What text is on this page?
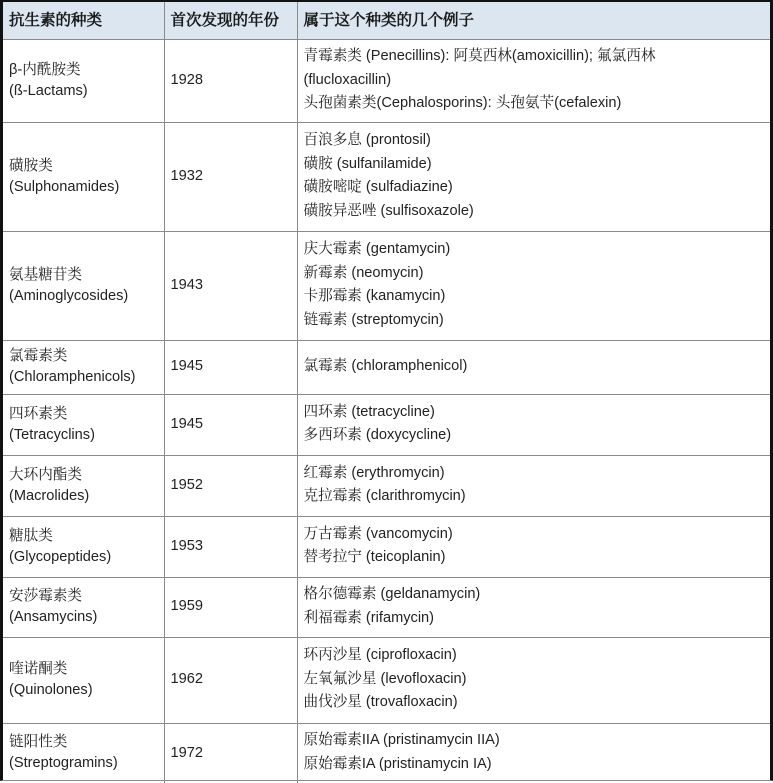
抗生素的种类	首次发现的年份	属于这个种类的几个例子

β-内酰胺类
(ß-Lactams)	1928	青霉素类 (Penecillins): 阿莫西林(amoxicillin); 氟氯西林
(flucloxacillin)
头孢菌素类(Cephalosporins): 头孢氨苄(cefalexin)

磺胺类
(Sulphonamides)	1932	百浪多息 (prontosil)
磺胺 (sulfanilamide)
磺胺嘧啶 (sulfadiazine)
磺胺异恶唑 (sulfisoxazole)

氨基糖苷类
(Aminoglycosides)	1943	庆大霉素 (gentamycin)
新霉素 (neomycin)
卡那霉素 (kanamycin)
链霉素 (streptomycin)

氯霉素类
(Chloramphenicols)	1945	氯霉素 (chloramphenicol)

四环素类
(Tetracyclins)	1945	四环素 (tetracycline)
多西环素 (doxycycline)

大环内酯类
(Macrolides)	1952	红霉素 (erythromycin)
克拉霉素 (clarithromycin)

糖肽类
(Glycopeptides)	1953	万古霉素 (vancomycin)
替考拉宁 (teicoplanin)

安莎霉素类
(Ansamycins)	1959	格尔德霉素 (geldanamycin)
利福霉素 (rifamycin)

喹诺酮类
(Quinolones)	1962	环丙沙星 (ciprofloxacin)
左氧氟沙星 (levofloxacin)
曲伐沙星 (trovafloxacin)

链阳性类
(Streptogramins)	1972	原始霉素IIA (pristinamycin IIA)
原始霉素IA (pristinamycin IA)
